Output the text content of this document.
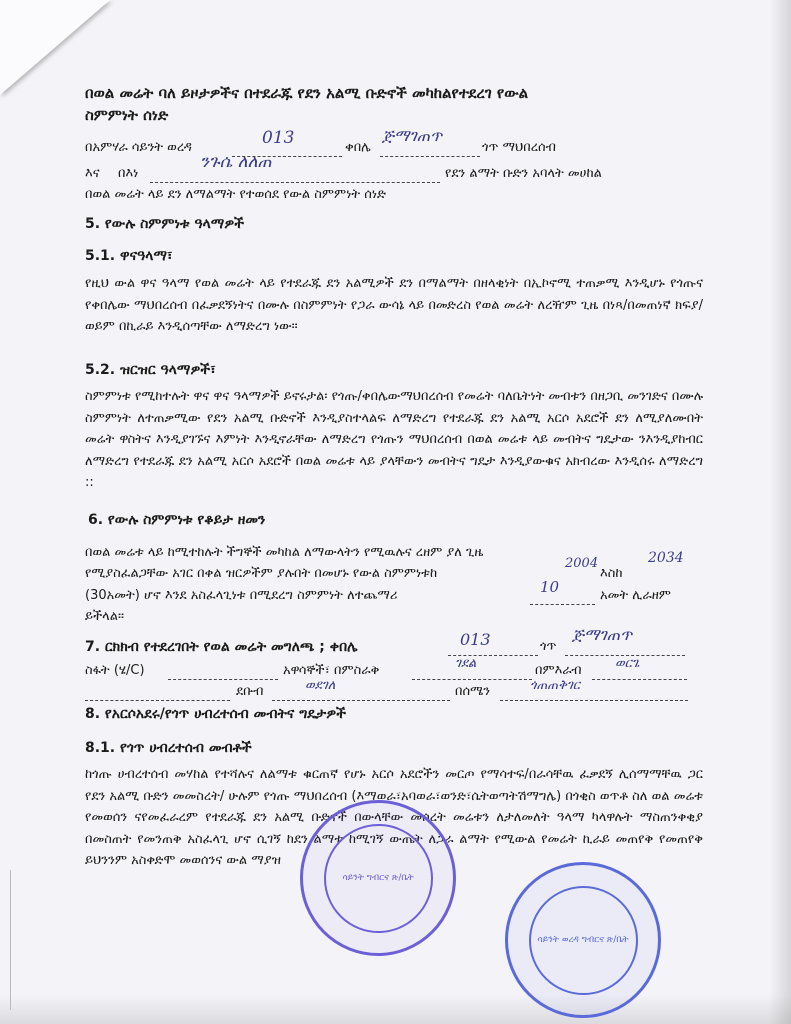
በወል መሬት ባለ ይዞታዎችና በተደራጁ የደን አልሚ ቡድኖች መካከልየተደረገ የውል
ስምምነት ሰነድ
በአምሃራ ሳይንት ወረዳ	013	ቀበሌ
ጅማገጠጥ
ጎጥ ማህበረሰብ
እና በእነ
ንጉሴ ለለጠ
የደን ልማት ቡድን አባላት መሀከል
በወል መሬት ላይ ደን ለማልማት የተወሰደ የውል ስምምነት ሰነድ
5. የውሉ ስምምነቱ ዓላማዎች
5.1. ዋናዓላማ፣
የዚህ ውል ዋና ዓላማ የወል መሬት ላይ የተደራጁ ደን አልሚዎች ደን በማልማት በዘላቂነት በኢኮኖሚ ተጠቃሚ እንዲሆኑ የጎጡና የቀበሌው ማህበረሰብ በፈቃደኝነትና በሙሉ በስምምነት የጋራ ውሳኔ ላይ በመድረስ የወል መሬት ለረዥም ጊዜ በነጻ/በመጠነኛ ክፍያ/ ወይም በኪራይ እንዲሰጣቸው ለማድረግ ነው፡፡
5.2. ዝርዝር ዓላማዎች፣
ስምምነቱ የሚከተሉት ዋና ዋና ዓላማዎች ይኖሩታል፡ የጎጡ/ቀበሌውማህበረሰብ የመሬት ባለቤትነት መብቱን በዘጋቢ መንገድና በሙሉ ስምምነት ለተጠቃሚው የደን አልሚ ቡድኖች እንዲያስተላልፍ ለማድረግ የተደራጁ ደን አልሚ አርሶ አደሮች ደን ለሚያለሙበት መሬት ዋስትና እንዲያገኙና እምነት እንዲኖራቸው ለማድረግ የጎጡን ማህበረሰብ በወል መሬቱ ላይ መብትና ግዴታው ንእንዲያከብር ለማድረግ የተደራጁ ደን አልሚ አርሶ አደሮች በወል መሬቱ ላይ ያላቸውን መብትና ግዴታ እንዲያውቁና አክብረው እንዲሰሩ ለማድረግ ::
6. የውሉ ስምምነቱ የቆይታ ዘመን
በወል መሬቱ ላይ ከሚተከሉት ችግኞች መካከል ለማውላትን የሚዉሉና ረዘም ያለ ጊዜ
የሚያስፈልጋቸው አገር በቀል ዝርዎችም ያሉበት በመሆኑ የውል ስምምነቱከ
2004
እስከ
2034
(30አመት) ሆኖ እንደ አስፈላጊነቱ በሚደረግ ስምምነት ለተጨማሪ	10	አመት ሊራዘም
ይችላል፡፡
7. ርክክብ የተደረገበት የወል መሬት መግለጫ ; ቀበሌ	013	ጎጥ
ጅማገጠጥ
ስፋት (ሄ/C)	አዋሳኞች፣ በምስራቅ	ገደል	በምእራብ	ወርጌ
ደቡብ	ወደገለ	በሰሜን	ጎጠጠቅገር
8. የአርሶአደሩ/የጎጥ ሀብረተሰብ መብትና ግዴታዎች
8.1. የጎጥ ሀብረተሰብ መብቶች
ከጎጡ ሀብረተሰብ መሃከል የተሻሉና ለልማቱ ቁርጠኛ የሆኑ አርሶ አደሮችን መርጦ የማሳተፍ/በራሳቸዉ ፈቃደኝ ሊሰማማቸዉ ጋር የደን አልሚ ቡድን መመስረት/ ሁሉም የጎጡ ማህበረሰብ (እማወራ፣አባወራ፣ወንድ፣ሴትወጣትሽማግሌ) በጎቂስ ወጥቶ ስለ ወል መሬቱ የመወሰን ናየመፈራረም የተደራጁ ደን አልሚ ቡድኖች በውላቸው መሰረት መሬቱን ለታለመለት ዓላማ ካላዋሉት ማስጠንቀቂያ በመስጠት የመንጠቅ አስፈላጊ ሆኖ ሲገኝ ከደን ልማቱ ከሚገኝ ውጤት ለጋራ ልማት የሚውል የመሬት ኪራይ መጠየቅ የመጠየቅ ይህንንም አስቀድሞ መወሰንና ውል ማያዝ
ሳይንት ግብርና ጽ/ቤት
ሳይንት ወረዳ ግብርና ጽ/ቤት
